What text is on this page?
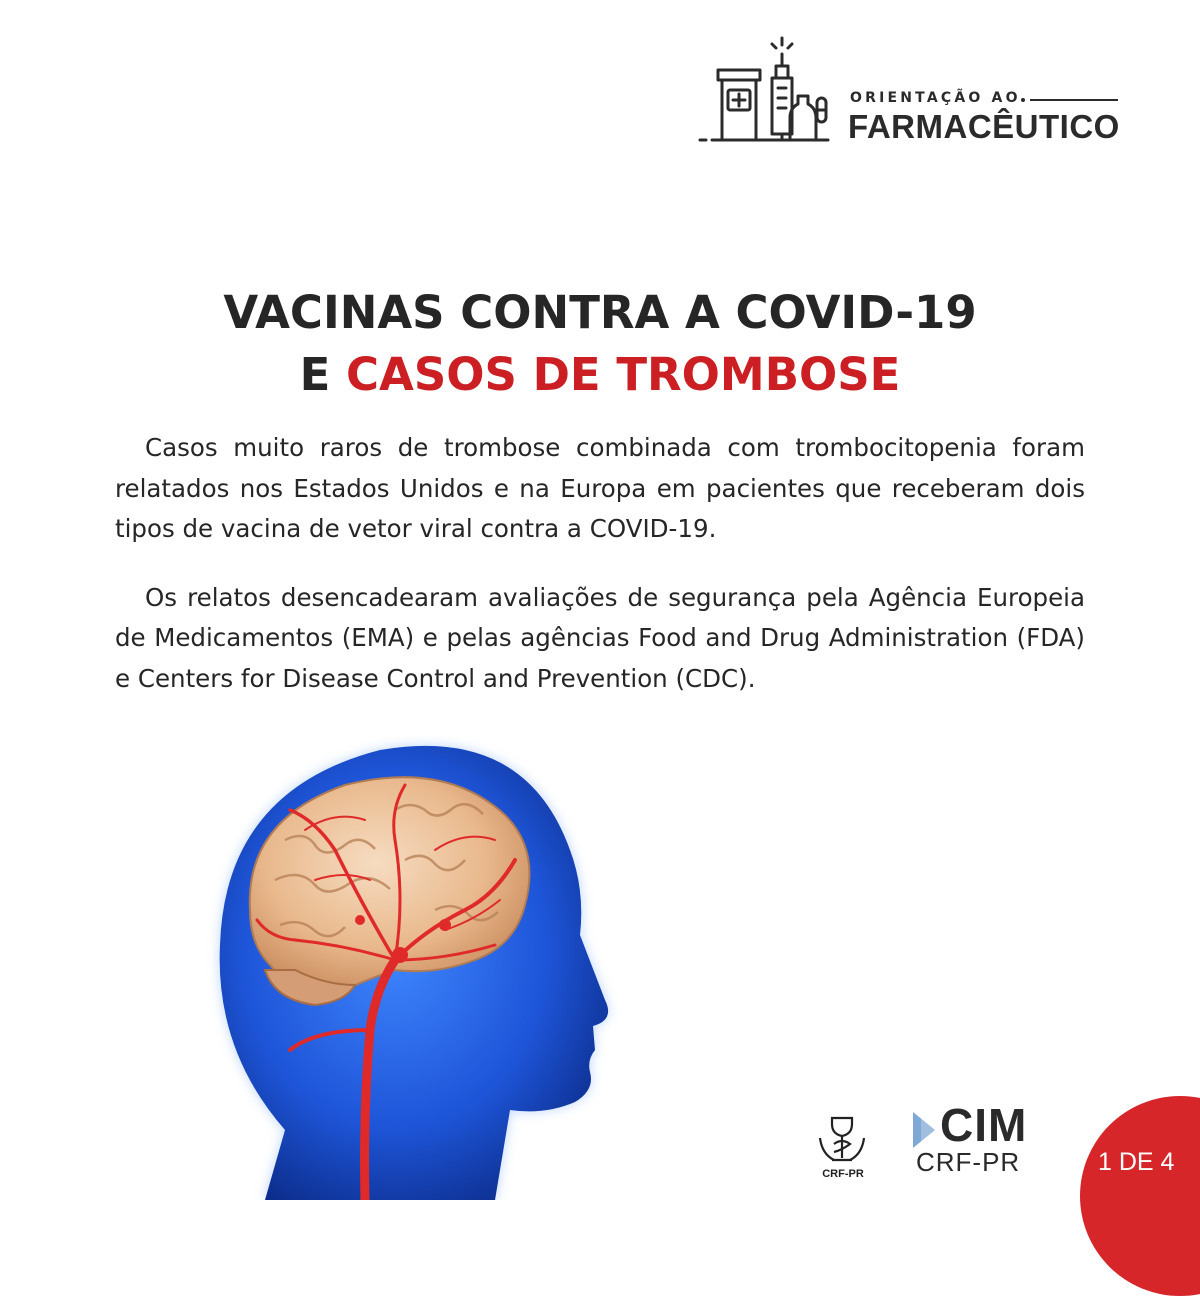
ORIENTAÇÃO AO
FARMACÊUTICO
VACINAS CONTRA A COVID-19
E CASOS DE TROMBOSE

Casos muito raros de trombose combinada com trombocitopenia foram relatados nos Estados Unidos e na Europa em pacientes que receberam dois tipos de vacina de vetor viral contra a COVID-19.

Os relatos desencadearam avaliações de segurança pela Agência Europeia de Medicamentos (EMA) e pelas agências Food and Drug Administration (FDA) e Centers for Disease Control and Prevention (CDC).

CRF-PR
CIM
CRF-PR	1 DE 4
